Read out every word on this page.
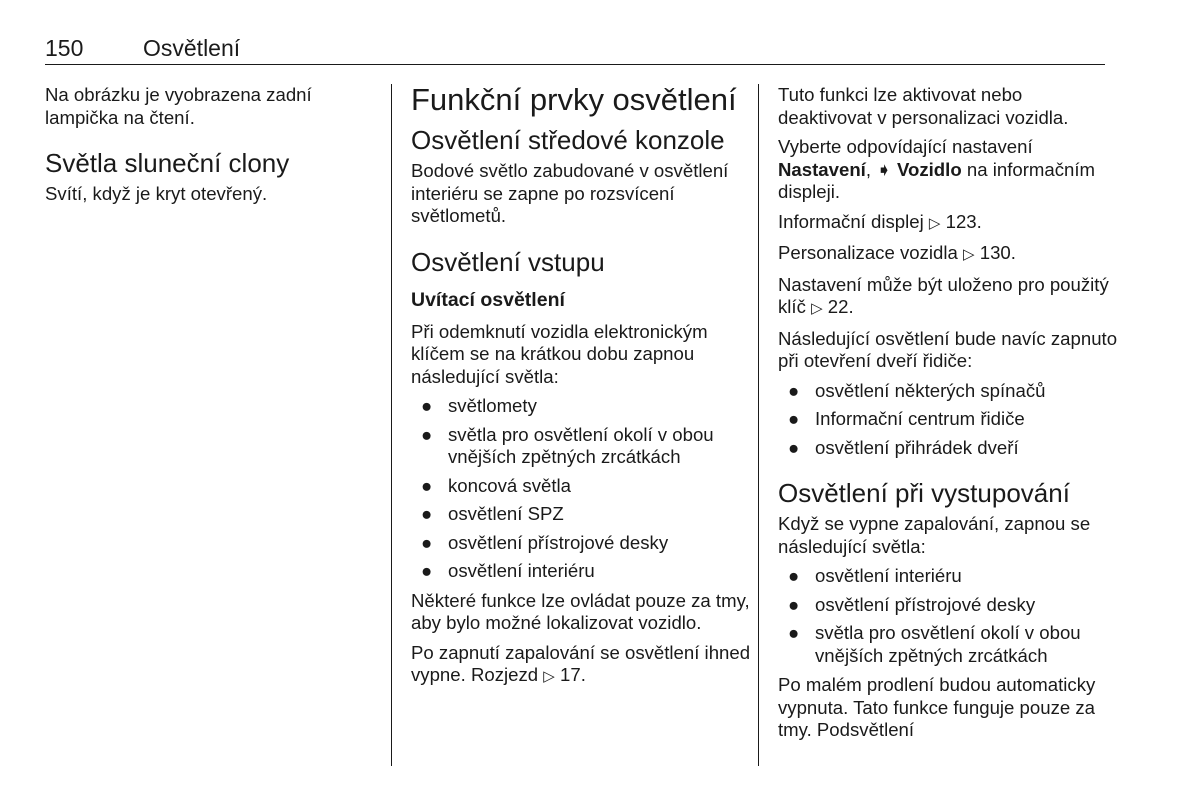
150	Osvětlení

Na obrázku je vyobrazena zadní lampička na čtení.

Světla sluneční clony

Svítí, když je kryt otevřený.

Funkční prvky osvětlení
Osvětlení středové konzole

Bodové světlo zabudované v osvětlení interiéru se zapne po rozsvícení světlometů.

Osvětlení vstupu
Uvítací osvětlení

Při odemknutí vozidla elektronickým klíčem se na krátkou dobu zapnou následující světla:

● světlomety
● světla pro osvětlení okolí v obou vnějších zpětných zrcátkách
● koncová světla
● osvětlení SPZ
● osvětlení přístrojové desky
● osvětlení interiéru

Některé funkce lze ovládat pouze za tmy, aby bylo možné lokalizovat vozidlo.

Po zapnutí zapalování se osvětlení ihned vypne. Rozjezd ▷ 17.

Tuto funkci lze aktivovat nebo deaktivovat v personalizaci vozidla.

Vyberte odpovídající nastavení Nastavení, ➧ Vozidlo na informačním displeji.

Informační displej ▷ 123.

Personalizace vozidla ▷ 130.

Nastavení může být uloženo pro použitý klíč ▷ 22.

Následující osvětlení bude navíc zapnuto při otevření dveří řidiče:

● osvětlení některých spínačů
● Informační centrum řidiče
● osvětlení přihrádek dveří
Osvětlení při vystupování

Když se vypne zapalování, zapnou se následující světla:

● osvětlení interiéru
● osvětlení přístrojové desky
● světla pro osvětlení okolí v obou vnějších zpětných zrcátkách

Po malém prodlení budou automaticky vypnuta. Tato funkce funguje pouze za tmy. Podsvětlení
